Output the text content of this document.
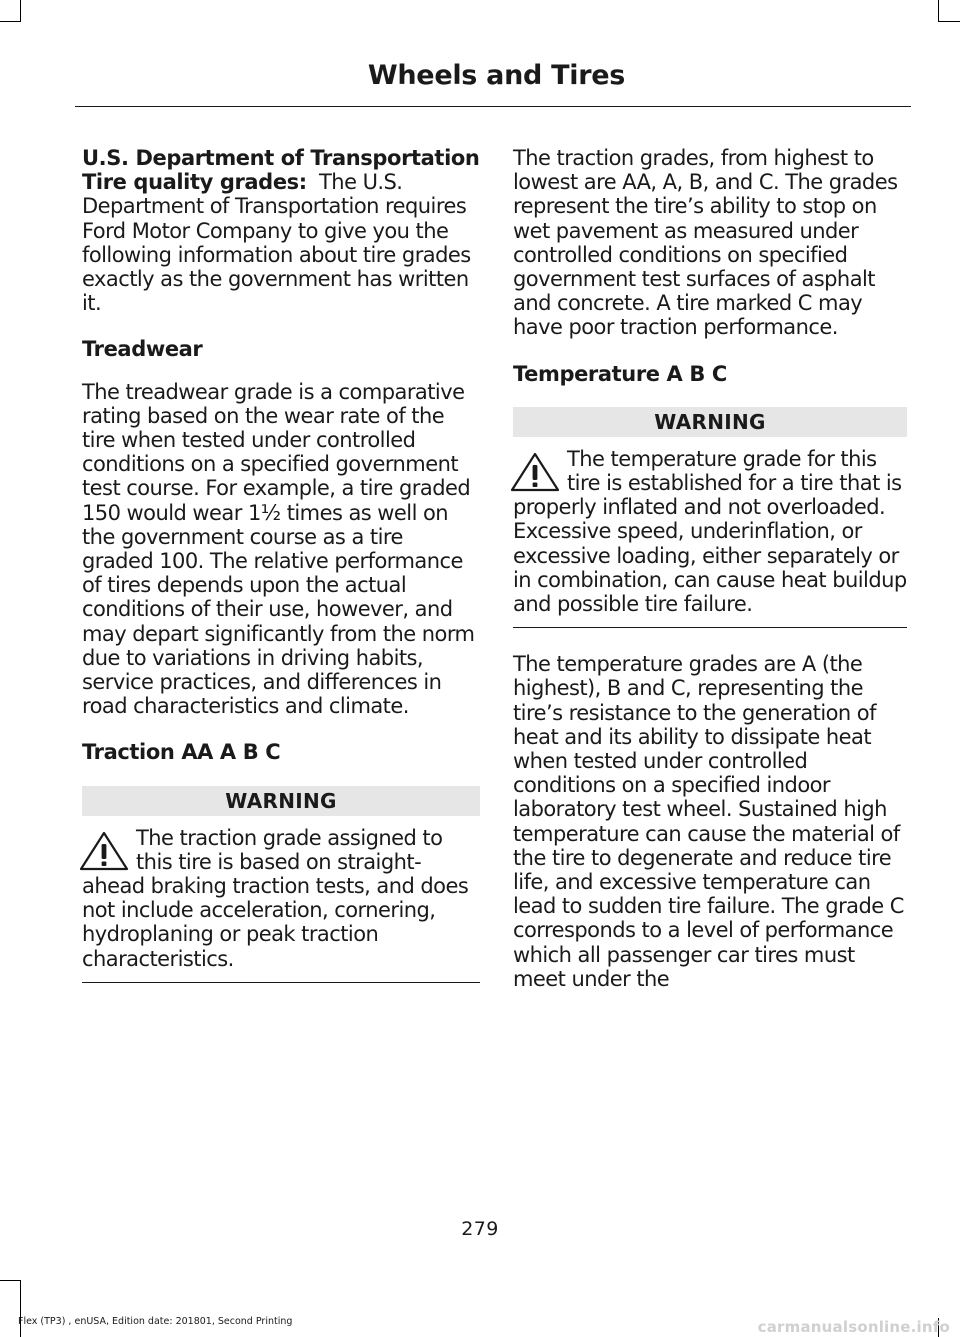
Wheels and Tires

U.S. Department of Transportation Tire quality grades: The U.S. Department of Transportation requires Ford Motor Company to give you the following information about tire grades exactly as the government has written it.

Treadwear

The treadwear grade is a comparative rating based on the wear rate of the tire when tested under controlled conditions on a specified government test course. For example, a tire graded 150 would wear 1½ times as well on the government course as a tire graded 100. The relative performance of tires depends upon the actual conditions of their use, however, and may depart significantly from the norm due to variations in driving habits, service practices, and differences in road characteristics and climate.

Traction AA A B C
WARNING

The traction grade assigned to this tire is based on straight-ahead braking traction tests, and does not include acceleration, cornering, hydroplaning or peak traction characteristics.

The traction grades, from highest to lowest are AA, A, B, and C. The grades represent the tire’s ability to stop on wet pavement as measured under controlled conditions on specified government test surfaces of asphalt and concrete. A tire marked C may have poor traction performance.

Temperature A B C
WARNING

The temperature grade for this tire is established for a tire that is properly inflated and not overloaded. Excessive speed, underinflation, or excessive loading, either separately or in combination, can cause heat buildup and possible tire failure.

The temperature grades are A (the highest), B and C, representing the tire’s resistance to the generation of heat and its ability to dissipate heat when tested under controlled conditions on a specified indoor laboratory test wheel. Sustained high temperature can cause the material of the tire to degenerate and reduce tire life, and excessive temperature can lead to sudden tire failure. The grade C corresponds to a level of performance which all passenger car tires must meet under the

279
Flex (TP3) , enUSA, Edition date: 201801, Second Printing	carmanualsonline.info
